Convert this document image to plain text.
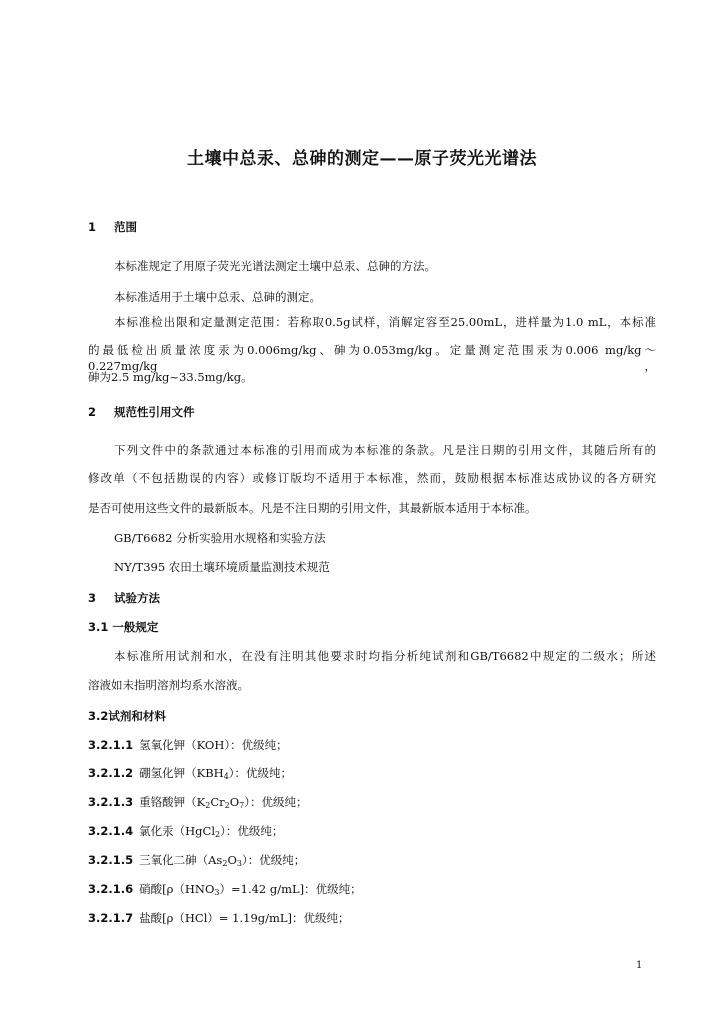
土壤中总汞、总砷的测定——原子荧光光谱法
1 范围
本标准规定了用原子荧光光谱法测定土壤中总汞、总砷的方法。
本标准适用于土壤中总汞、总砷的测定。
本标准检出限和定量测定范围：若称取0.5g试样，消解定容至25.00mL，进样量为1.0 mL，本标准
的最低检出质量浓度汞为0.006mg/kg、砷为0.053mg/kg。定量测定范围汞为0.006 mg/kg～0.227mg/kg，
砷为2.5 mg/kg~33.5mg/kg。
2 规范性引用文件
下列文件中的条款通过本标准的引用而成为本标准的条款。凡是注日期的引用文件，其随后所有的
修改单（不包括勘误的内容）或修订版均不适用于本标准，然而，鼓励根据本标准达成协议的各方研究
是否可使用这些文件的最新版本。凡是不注日期的引用文件，其最新版本适用于本标准。
GB/T6682 分析实验用水规格和实验方法
NY/T395 农田土壤环境质量监测技术规范
3 试验方法
3.1 一般规定
本标准所用试剂和水，在没有注明其他要求时均指分析纯试剂和GB/T6682中规定的二级水；所述
溶液如未指明溶剂均系水溶液。
3.2试剂和材料
3.2.1.1 氢氧化钾（KOH）：优级纯；
3.2.1.2 硼氢化钾$(KBH_4)$：优级纯；
3.2.1.3 重铬酸钾$(K_2Cr_2O_7)$：优级纯；
3.2.1.4 氯化汞（HgCl$_2$）：优级纯；
3.2.1.5 三氧化二砷$(As_2O_3)$：优级纯；
3.2.1.6 硝酸[$\rho(HNO_3)=1.42$ g/mL]：优级纯；
3.2.1.7 盐酸[ρ（HCl）= 1.19g/mL]：优级纯；
1
